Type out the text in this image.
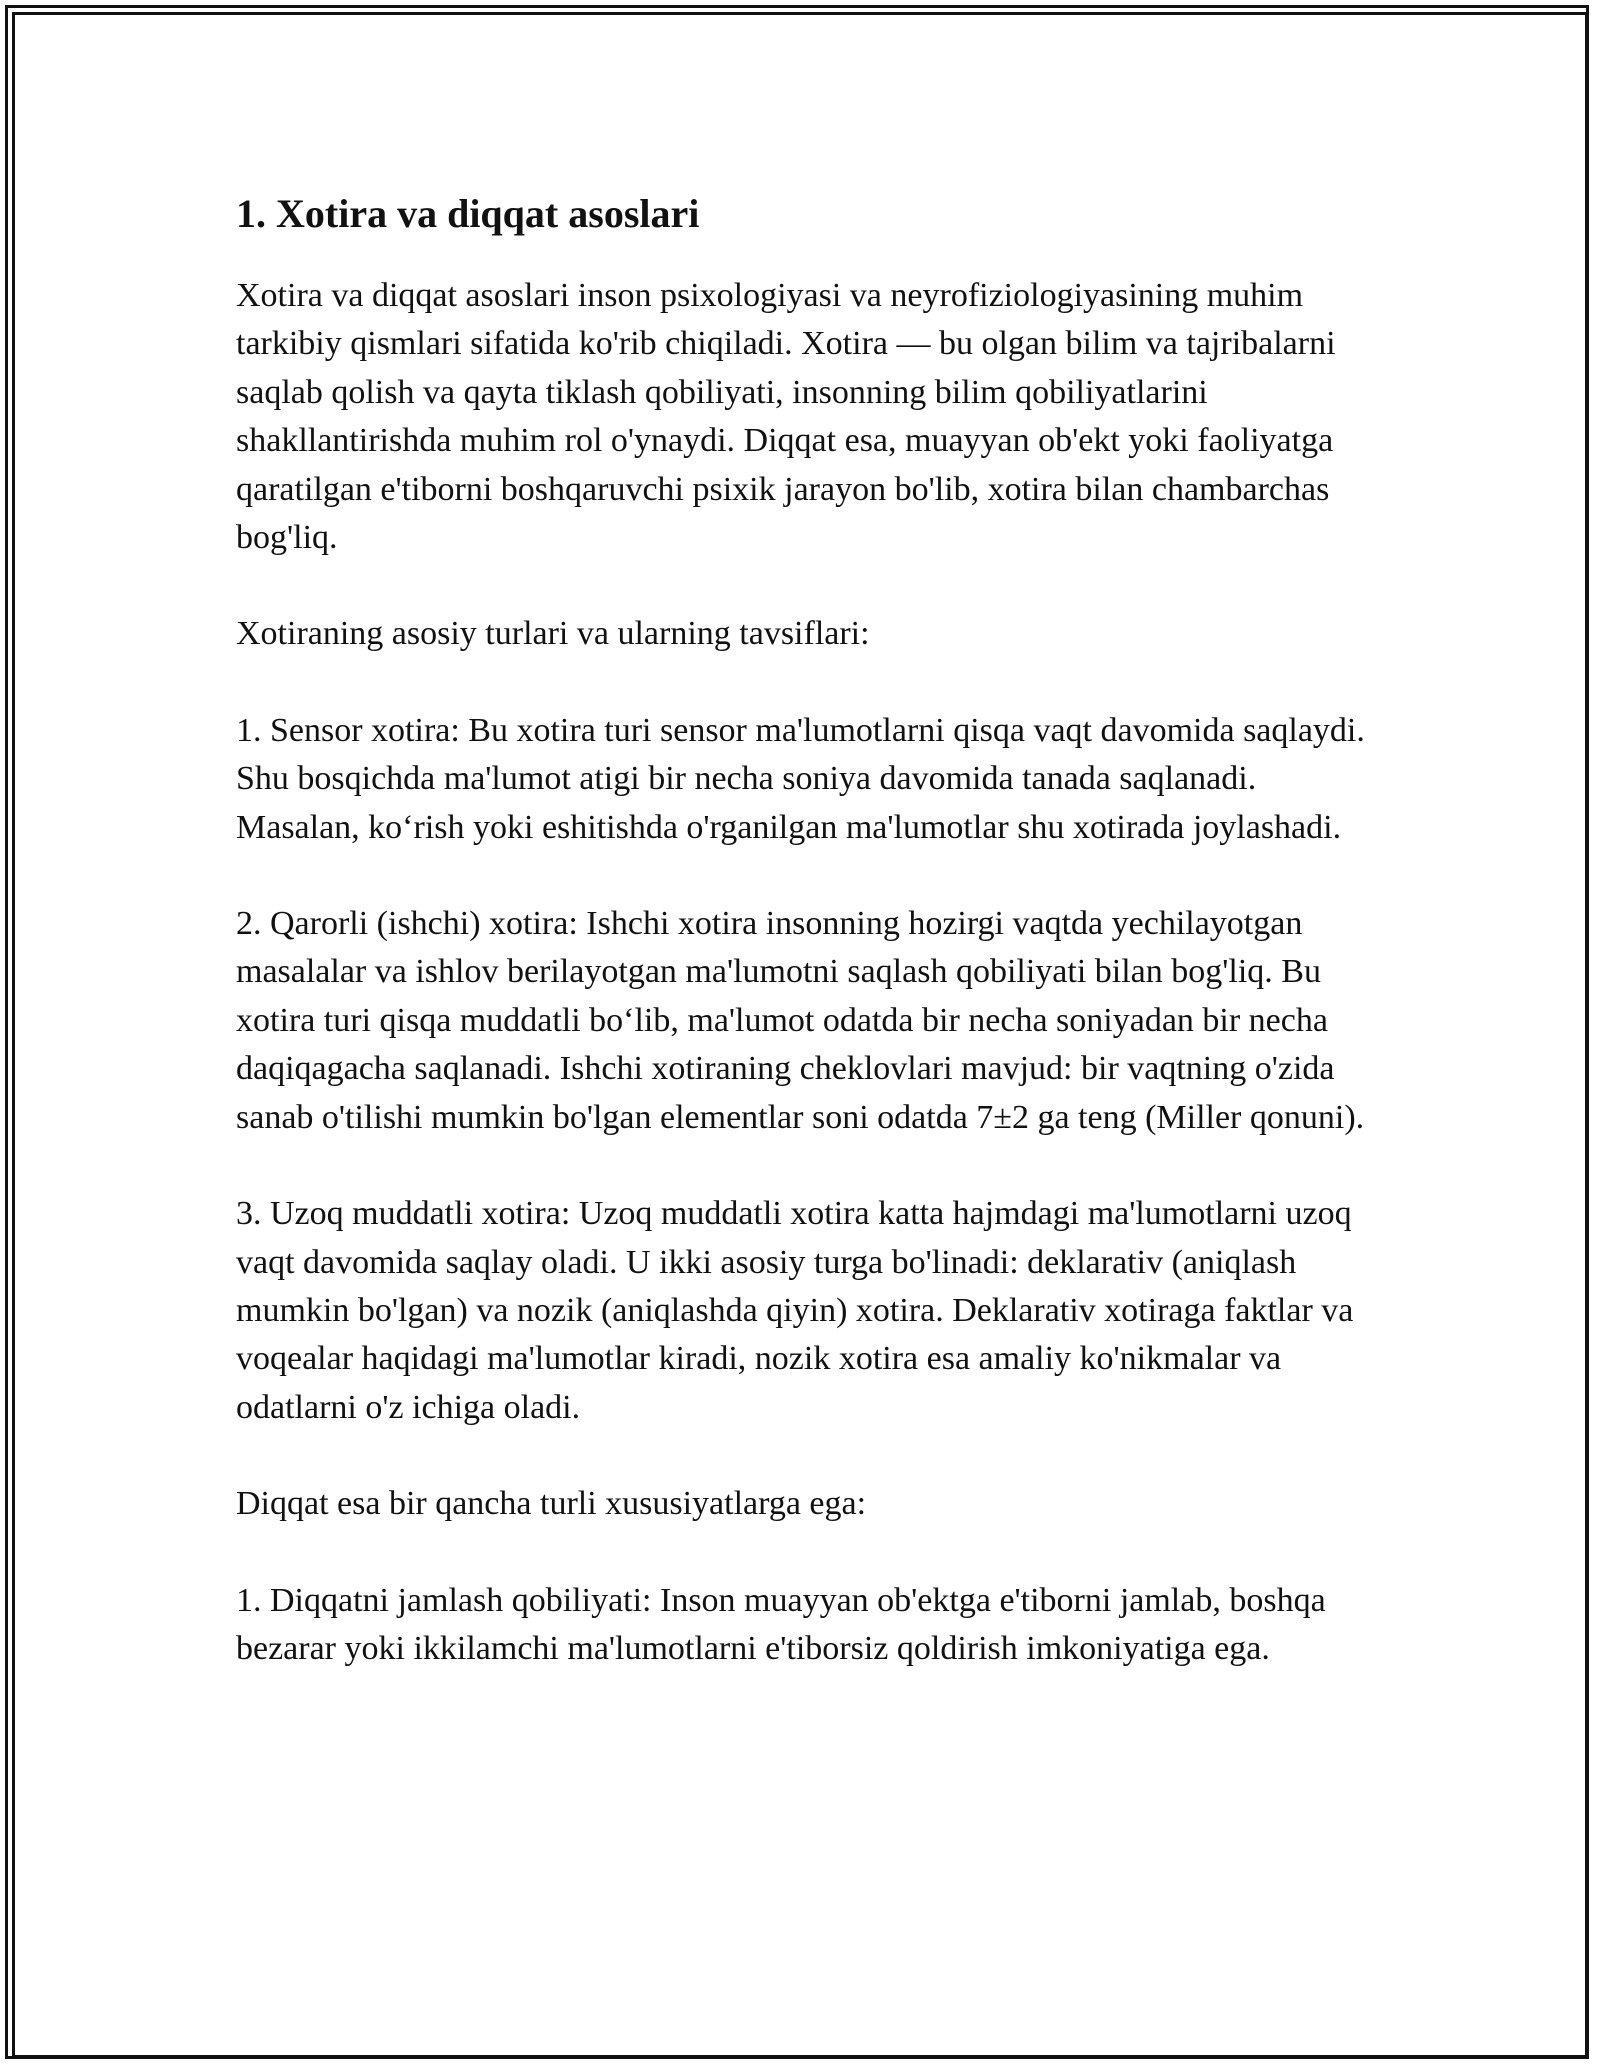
1. Xotira va diqqat asoslari

Xotira va diqqat asoslari inson psixologiyasi va neyrofiziologiyasining muhim tarkibiy qismlari sifatida ko'rib chiqiladi. Xotira — bu olgan bilim va tajribalarni saqlab qolish va qayta tiklash qobiliyati, insonning bilim qobiliyatlarini shakllantirishda muhim rol o'ynaydi. Diqqat esa, muayyan ob'ekt yoki faoliyatga qaratilgan e'tiborni boshqaruvchi psixik jarayon bo'lib, xotira bilan chambarchas bog'liq.

Xotiraning asosiy turlari va ularning tavsiflari:

1. Sensor xotira: Bu xotira turi sensor ma'lumotlarni qisqa vaqt davomida saqlaydi. Shu bosqichda ma'lumot atigi bir necha soniya davomida tanada saqlanadi. Masalan, koʻrish yoki eshitishda o'rganilgan ma'lumotlar shu xotirada joylashadi.

2. Qarorli (ishchi) xotira: Ishchi xotira insonning hozirgi vaqtda yechilayotgan masalalar va ishlov berilayotgan ma'lumotni saqlash qobiliyati bilan bog'liq. Bu xotira turi qisqa muddatli boʻlib, ma'lumot odatda bir necha soniyadan bir necha daqiqagacha saqlanadi. Ishchi xotiraning cheklovlari mavjud: bir vaqtning o'zida sanab o'tilishi mumkin bo'lgan elementlar soni odatda 7±2 ga teng (Miller qonuni).

3. Uzoq muddatli xotira: Uzoq muddatli xotira katta hajmdagi ma'lumotlarni uzoq vaqt davomida saqlay oladi. U ikki asosiy turga bo'linadi: deklarativ (aniqlash mumkin bo'lgan) va nozik (aniqlashda qiyin) xotira. Deklarativ xotiraga faktlar va voqealar haqidagi ma'lumotlar kiradi, nozik xotira esa amaliy ko'nikmalar va odatlarni o'z ichiga oladi.

Diqqat esa bir qancha turli xususiyatlarga ega:

1. Diqqatni jamlash qobiliyati: Inson muayyan ob'ektga e'tiborni jamlab, boshqa bezarar yoki ikkilamchi ma'lumotlarni e'tiborsiz qoldirish imkoniyatiga ega.
